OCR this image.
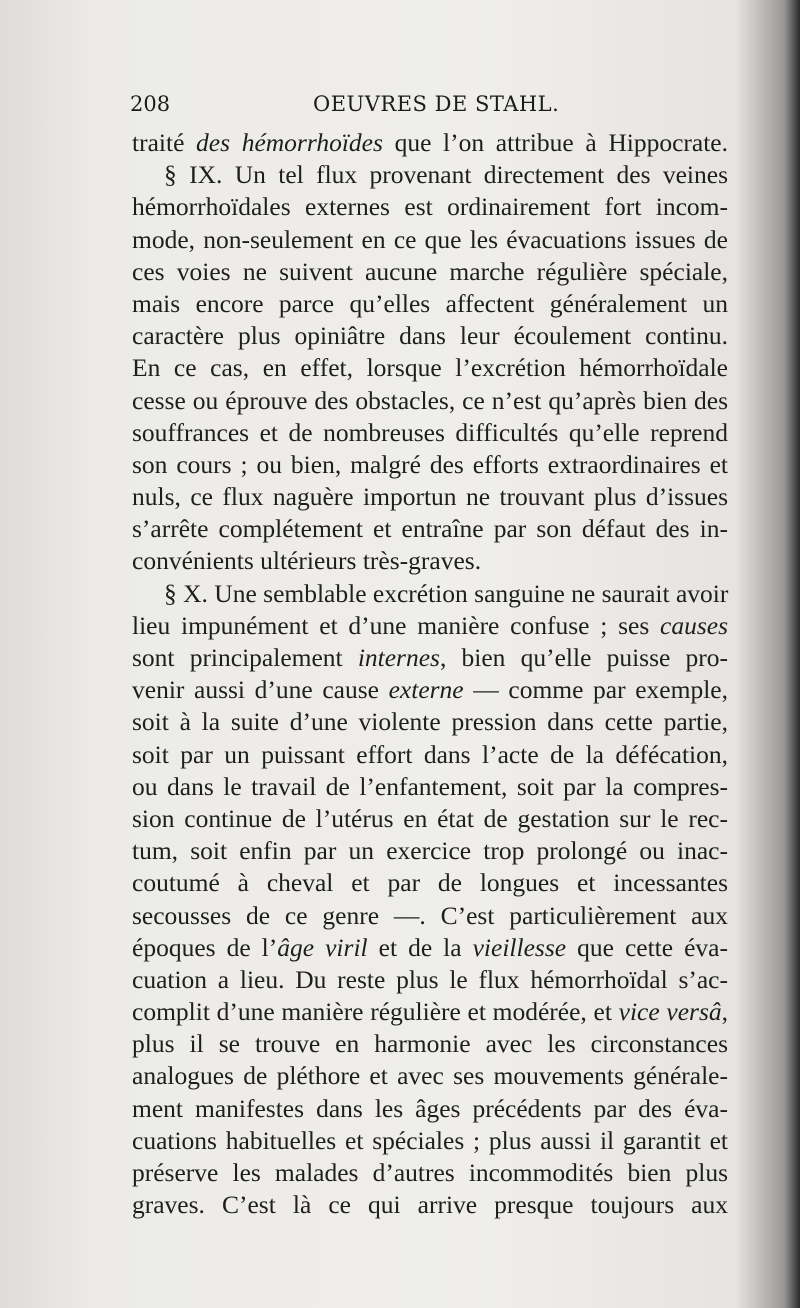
208	OEUVRES DE STAHL.
traité des hémorrhoïdes que l’on attribue à Hippocrate.
§ IX. Un tel flux provenant directement des veines
hémorrhoïdales externes est ordinairement fort incom-
mode, non-seulement en ce que les évacuations issues de
ces voies ne suivent aucune marche régulière spéciale,
mais encore parce qu’elles affectent généralement un
caractère plus opiniâtre dans leur écoulement continu.
En ce cas, en effet, lorsque l’excrétion hémorrhoïdale
cesse ou éprouve des obstacles, ce n’est qu’après bien des
souffrances et de nombreuses difficultés qu’elle reprend
son cours ; ou bien, malgré des efforts extraordinaires et
nuls, ce flux naguère importun ne trouvant plus d’issues
s’arrête complétement et entraîne par son défaut des in-
convénients ultérieurs très-graves.
§ X. Une semblable excrétion sanguine ne saurait avoir
lieu impunément et d’une manière confuse ; ses causes
sont principalement internes, bien qu’elle puisse pro-
venir aussi d’une cause externe — comme par exemple,
soit à la suite d’une violente pression dans cette partie,
soit par un puissant effort dans l’acte de la défécation,
ou dans le travail de l’enfantement, soit par la compres-
sion continue de l’utérus en état de gestation sur le rec-
tum, soit enfin par un exercice trop prolongé ou inac-
coutumé à cheval et par de longues et incessantes
secousses de ce genre —. C’est particulièrement aux
époques de l’âge viril et de la vieillesse que cette éva-
cuation a lieu. Du reste plus le flux hémorrhoïdal s’ac-
complit d’une manière régulière et modérée, et vice versâ,
plus il se trouve en harmonie avec les circonstances
analogues de pléthore et avec ses mouvements générale-
ment manifestes dans les âges précédents par des éva-
cuations habituelles et spéciales ; plus aussi il garantit et
préserve les malades d’autres incommodités bien plus
graves. C’est là ce qui arrive presque toujours aux
